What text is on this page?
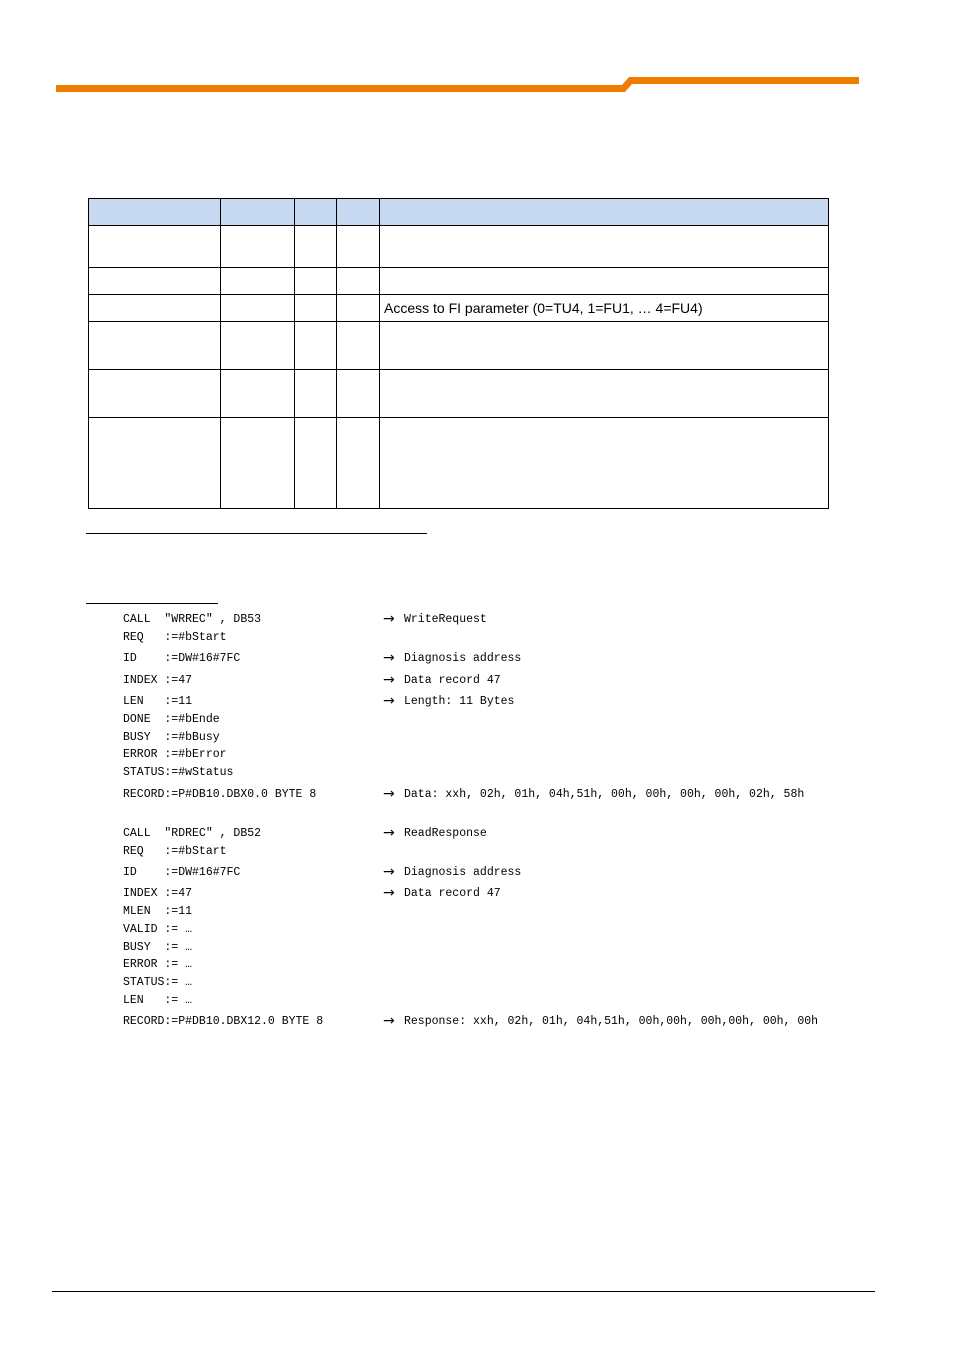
				Access to FI parameter (0=TU4, 1=FU1, … 4=FU4)

CALL  "WRREC" , DB53	→ WriteRequest
REQ   :=#bStart
ID    :=DW#16#7FC	→ Diagnosis address
INDEX :=47	→ Data record 47
LEN   :=11	→ Length: 11 Bytes
DONE  :=#bEnde
BUSY  :=#bBusy
ERROR :=#bError
STATUS:=#wStatus
RECORD:=P#DB10.DBX0.0 BYTE 8	→ Data: xxh, 02h, 01h, 04h,51h, 00h, 00h, 00h, 00h, 02h, 58h
CALL  "RDREC" , DB52	→ ReadResponse
REQ   :=#bStart
ID    :=DW#16#7FC	→ Diagnosis address
INDEX :=47	→ Data record 47
MLEN  :=11
VALID := …
BUSY  := …
ERROR := …
STATUS:= …
LEN   := …
RECORD:=P#DB10.DBX12.0 BYTE 8	→ Response: xxh, 02h, 01h, 04h,51h, 00h,00h, 00h,00h, 00h, 00h
